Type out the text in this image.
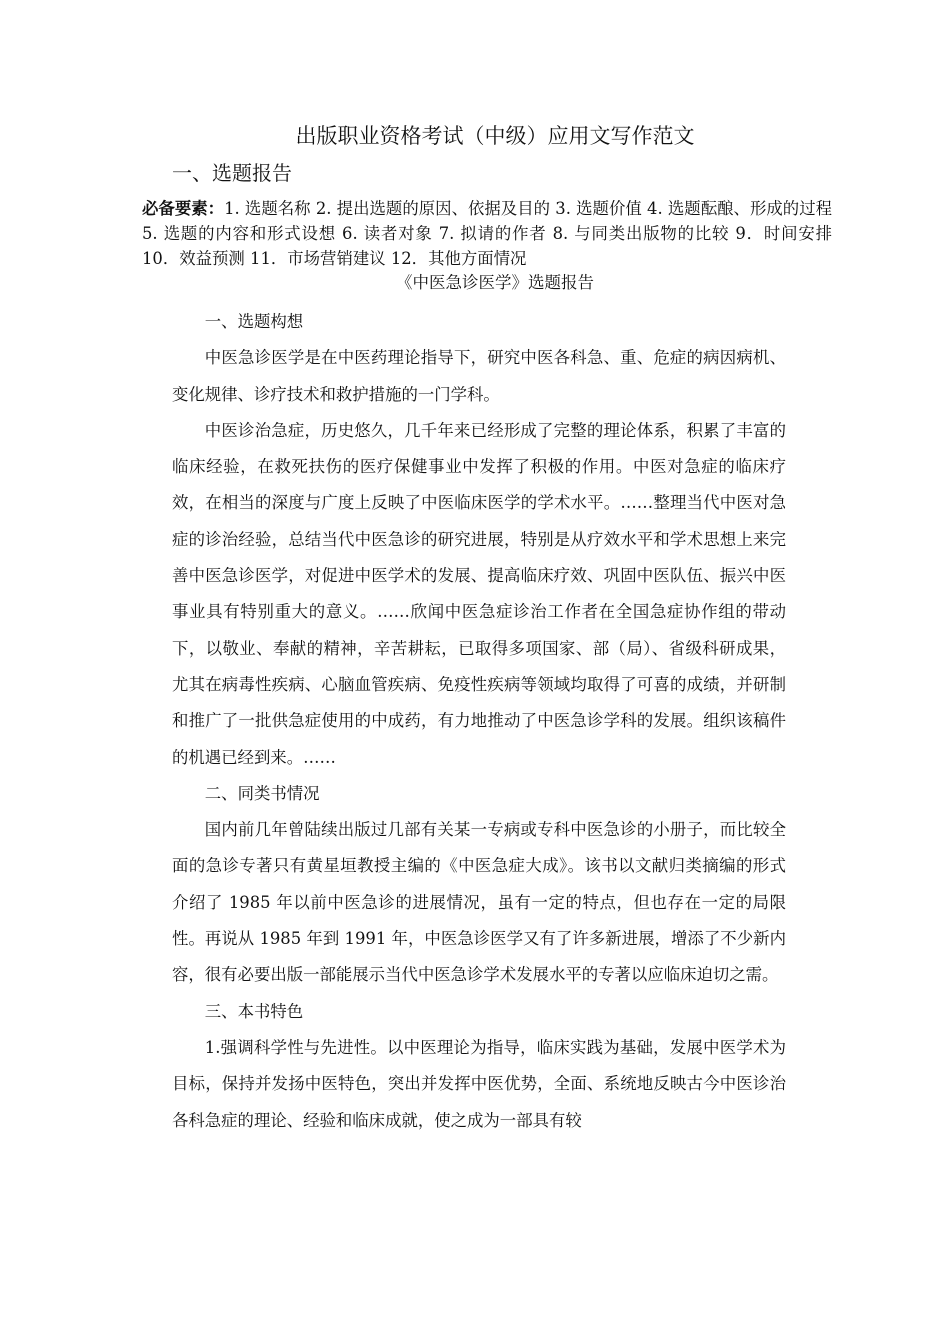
出版职业资格考试（中级）应用文写作范文
一、选题报告
必备要素：1. 选题名称 2. 提出选题的原因、依据及目的 3. 选题价值 4. 选题酝酿、形成的过程 5. 选题的内容和形式设想 6. 读者对象 7. 拟请的作者 8. 与同类出版物的比较 9．时间安排 10．效益预测 11．市场营销建议 12．其他方面情况
《中医急诊医学》选题报告

一、选题构想

中医急诊医学是在中医药理论指导下，研究中医各科急、重、危症的病因病机、变化规律、诊疗技术和救护措施的一门学科。

中医诊治急症，历史悠久，几千年来已经形成了完整的理论体系，积累了丰富的临床经验，在救死扶伤的医疗保健事业中发挥了积极的作用。中医对急症的临床疗效，在相当的深度与广度上反映了中医临床医学的学术水平。……整理当代中医对急症的诊治经验，总结当代中医急诊的研究进展，特别是从疗效水平和学术思想上来完善中医急诊医学，对促进中医学术的发展、提高临床疗效、巩固中医队伍、振兴中医事业具有特别重大的意义。……欣闻中医急症诊治工作者在全国急症协作组的带动下，以敬业、奉献的精神，辛苦耕耘，已取得多项国家、部（局）、省级科研成果，尤其在病毒性疾病、心脑血管疾病、免疫性疾病等领域均取得了可喜的成绩，并研制和推广了一批供急症使用的中成药，有力地推动了中医急诊学科的发展。组织该稿件的机遇已经到来。……

二、同类书情况

国内前几年曾陆续出版过几部有关某一专病或专科中医急诊的小册子，而比较全面的急诊专著只有黄星垣教授主编的《中医急症大成》。该书以文献归类摘编的形式介绍了 1985 年以前中医急诊的进展情况，虽有一定的特点，但也存在一定的局限性。再说从 1985 年到 1991 年，中医急诊医学又有了许多新进展，增添了不少新内容，很有必要出版一部能展示当代中医急诊学术发展水平的专著以应临床迫切之需。

三、本书特色

1.强调科学性与先进性。以中医理论为指导，临床实践为基础，发展中医学术为目标，保持并发扬中医特色，突出并发挥中医优势，全面、系统地反映古今中医诊治各科急症的理论、经验和临床成就，使之成为一部具有较
